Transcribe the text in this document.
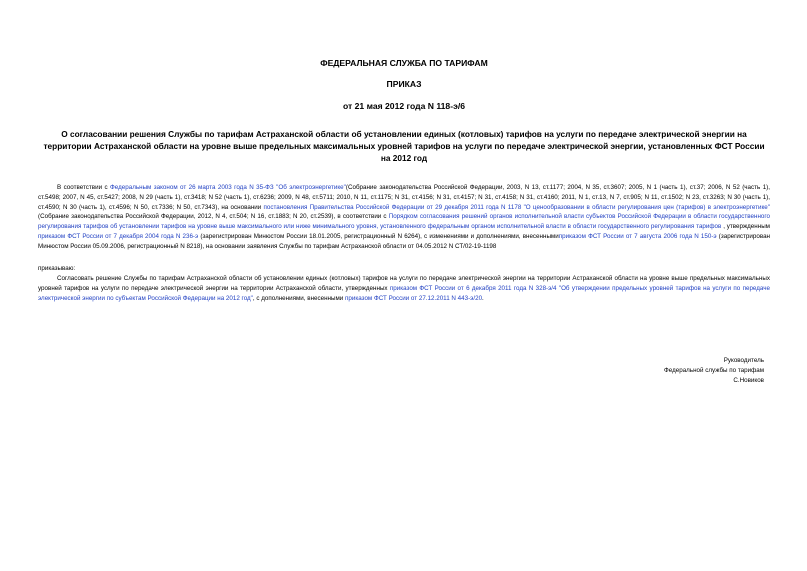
ФЕДЕРАЛЬНАЯ СЛУЖБА ПО ТАРИФАМ

ПРИКАЗ

от 21 мая 2012 года N 118-э/6

О согласовании решения Службы по тарифам Астраханской области об установлении единых (котловых) тарифов на услуги по передаче электрической энергии на территории Астраханской области на уровне выше предельных максимальных уровней тарифов на услуги по передаче электрической энергии, установленных ФСТ России на 2012 год

В соответствии с Федеральным законом от 26 марта 2003 года N 35-ФЗ "Об электроэнергетике"(Собрание законодательства Российской Федерации, 2003, N 13, ст.1177; 2004, N 35, ст.3607; 2005, N 1 (часть 1), ст.37; 2006, N 52 (часть 1), ст.5498; 2007, N 45, ст.5427; 2008, N 29 (часть 1), ст.3418; N 52 (часть 1), ст.6236; 2009, N 48, ст.5711; 2010, N 11, ст.1175; N 31, ст.4156; N 31, ст.4157; N 31, ст.4158; N 31, ст.4160; 2011, N 1, ст.13, N 7, ст.905; N 11, ст.1502; N 23, ст.3263; N 30 (часть 1), ст.4590; N 30 (часть 1), ст.4596; N 50, ст.7336; N 50, ст.7343), на основании постановления Правительства Российской Федерации от 29 декабря 2011 года N 1178 "О ценообразовании в области регулирования цен (тарифов) в электроэнергетике" (Собрание законодательства Российской Федерации, 2012, N 4, ст.504; N 16, ст.1883; N 20, ст.2539), в соответствии с Порядком согласования решений органов исполнительной власти субъектов Российской Федерации в области государственного регулирования тарифов об установлении тарифов на уровне выше максимального или ниже минимального уровня, установленного федеральным органом исполнительной власти в области государственного регулирования тарифов , утвержденным приказом ФСТ России от 7 декабря 2004 года N 236-э (зарегистрирован Минюстом России 18.01.2005, регистрационный N 6264), с изменениями и дополнениями, внесеннымиприказом ФСТ России от 7 августа 2006 года N 150-э (зарегистрирован Минюстом России 05.09.2006, регистрационный N 8218), на основании заявления Службы по тарифам Астраханской области от 04.05.2012 N СТ/02-19-1198

приказываю:

Согласовать решение Службы по тарифам Астраханской области об установлении единых (котловых) тарифов на услуги по передаче электрической энергии на территории Астраханской области на уровне выше предельных максимальных уровней тарифов на услуги по передаче электрической энергии на территории Астраханской области, утвержденных приказом ФСТ России от 6 декабря 2011 года N 328-э/4 "Об утверждении предельных уровней тарифов на услуги по передаче электрической энергии по субъектам Российской Федерации на 2012 год", с дополнениями, внесенными приказом ФСТ России от 27.12.2011 N 443-э/20.

Руководитель
Федеральной службы по тарифам
С.Новиков
